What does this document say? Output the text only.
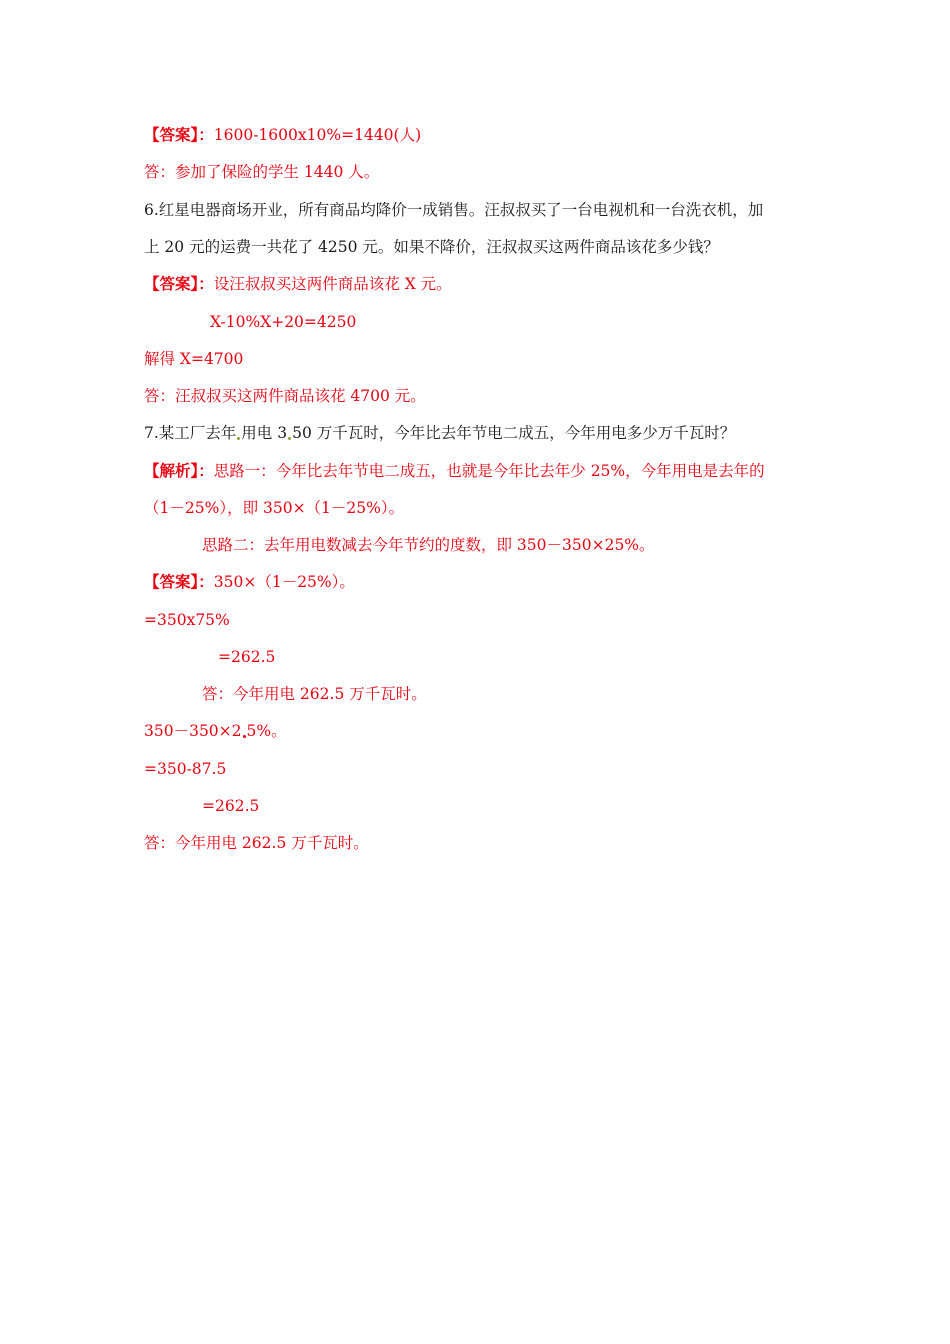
【答案】：1600-1600x10%=1440(人)
答：参加了保险的学生 1440 人。
6.红星电器商场开业，所有商品均降价一成销售。汪叔叔买了一台电视机和一台洗衣机，加
上 20 元的运费一共花了 4250 元。如果不降价，汪叔叔买这两件商品该花多少钱？
【答案】：设汪叔叔买这两件商品该花 X 元。
X-10%X+20=4250
解得 X=4700
答：汪叔叔买这两件商品该花 4700 元。
7.某工厂去年 用电 3 50 万千瓦时，今年比去年节电二成五，今年用电多少万千瓦时？
【解析】：思路一：今年比去年节电二成五，也就是今年比去年少 25%，今年用电是去年的
（1－25%），即 350×（1－25%）。
思路二：去年用电数减去今年节约的度数，即 350－350×25%。
【答案】：350×（1－25%）。
=350x75%
=262.5
答：今年用电 262.5 万千瓦时。
350－350×2 5%。
=350-87.5
=262.5
答：今年用电 262.5 万千瓦时。
